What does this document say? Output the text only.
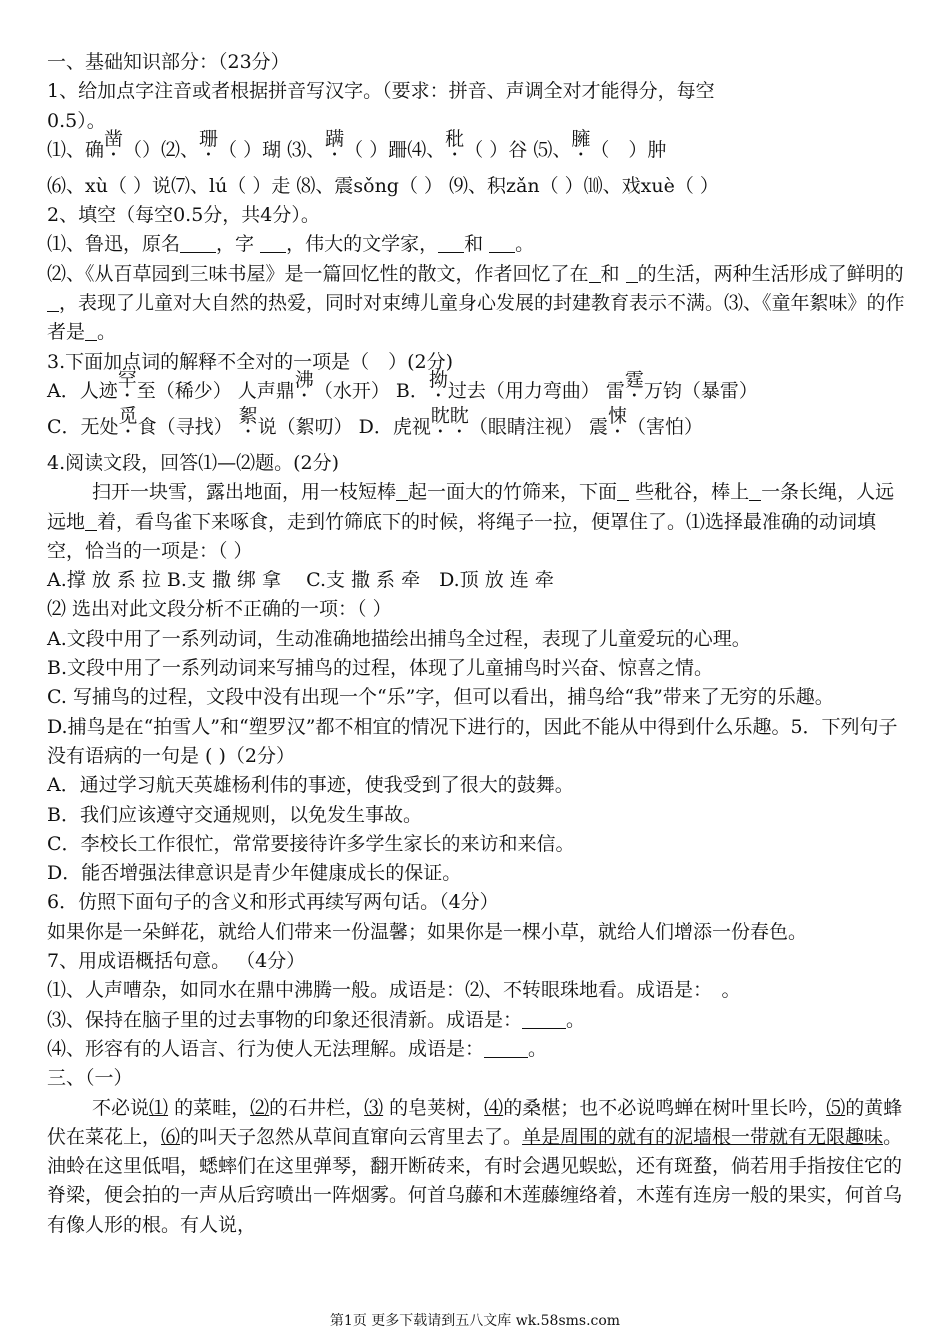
一、基础知识部分：（23分）

1、给加点字注音或者根据拼音写汉字。（要求：拼音、声调全对才能得分，每空

0.5）。

⑴、确凿（）⑵、珊（ ）瑚 ⑶、蹒（ ）跚⑷、秕（ ）谷 ⑸、臃（　）肿

⑹、xù（ ）说⑺、lú（ ）走 ⑻、震sǒng（ ） ⑼、积zǎn（ ）⑽、戏xuè（ ）

2、填空（每空0.5分，共4分）。

⑴、鲁迅，原名 ，字 ，伟大的文学家， 和 。

⑵、《从百草园到三味书屋》是一篇回忆性的散文，作者回忆了在 和 的生活，两种生活形成了鲜明的，表现了儿童对大自然的热爱，同时对束缚儿童身心发展的封建教育表示不满。⑶、《童年絮味》的作者是 。

3.下面加点词的解释不全对的一项是（　）(2分)

A．人迹罕至（稀少） 人声鼎沸（水开） B．拗过去（用力弯曲） 雷霆万钧（暴雷）

C．无处觅食（寻找） 絮说（絮叨） D．虎视眈眈（眼睛注视） 震悚（害怕）

4.阅读文段，回答⑴—⑵题。(2分)

扫开一块雪，露出地面，用一枝短棒 起一面大的竹筛来，下面 些秕谷，棒上 一条长绳，人远远地 着，看鸟雀下来啄食，走到竹筛底下的时候，将绳子一拉，便罩住了。⑴选择最准确的动词填空，恰当的一项是：（ ）

A.撑 放 系 拉 B.支 撒 绑 拿　 C.支 撒 系 牵　D.顶 放 连 牵

⑵ 选出对此文段分析不正确的一项：（ ）

A.文段中用了一系列动词，生动准确地描绘出捕鸟全过程，表现了儿童爱玩的心理。

B.文段中用了一系列动词来写捕鸟的过程，体现了儿童捕鸟时兴奋、惊喜之情。

C. 写捕鸟的过程，文段中没有出现一个“乐”字，但可以看出，捕鸟给“我”带来了无穷的乐趣。

D.捕鸟是在“拍雪人”和“塑罗汉”都不相宜的情况下进行的，因此不能从中得到什么乐趣。5．下列句子没有语病的一句是 ( )（2分）

A．通过学习航天英雄杨利伟的事迹，使我受到了很大的鼓舞。

B．我们应该遵守交通规则，以免发生事故。

C．李校长工作很忙，常常要接待许多学生家长的来访和来信。

D．能否增强法律意识是青少年健康成长的保证。

6．仿照下面句子的含义和形式再续写两句话。（4分）

如果你是一朵鲜花，就给人们带来一份温馨；如果你是一棵小草，就给人们增添一份春色。

7、用成语概括句意。 （4分）

⑴、人声嘈杂，如同水在鼎中沸腾一般。成语是：⑵、不转眼珠地看。成语是：　。

⑶、保持在脑子里的过去事物的印象还很清新。成语是： 。

⑷、形容有的人语言、行为使人无法理解。成语是： 。

三、（一）

不必说⑴ 的菜畦，⑵的石井栏，⑶ 的皂荚树，⑷的桑椹；也不必说鸣蝉在树叶里长吟，⑸的黄蜂伏在菜花上，⑹的叫天子忽然从草间直窜向云宵里去了。单是周围的就有的泥墙根一带就有无限趣味。油蛉在这里低唱，蟋蟀们在这里弹琴，翻开断砖来，有时会遇见蜈蚣，还有斑蝥，倘若用手指按住它的脊梁，便会拍的一声从后窍喷出一阵烟雾。何首乌藤和木莲藤缠络着，木莲有连房一般的果实，何首乌有像人形的根。有人说，

第1页 更多下载请到五八文库 wk.58sms.com
